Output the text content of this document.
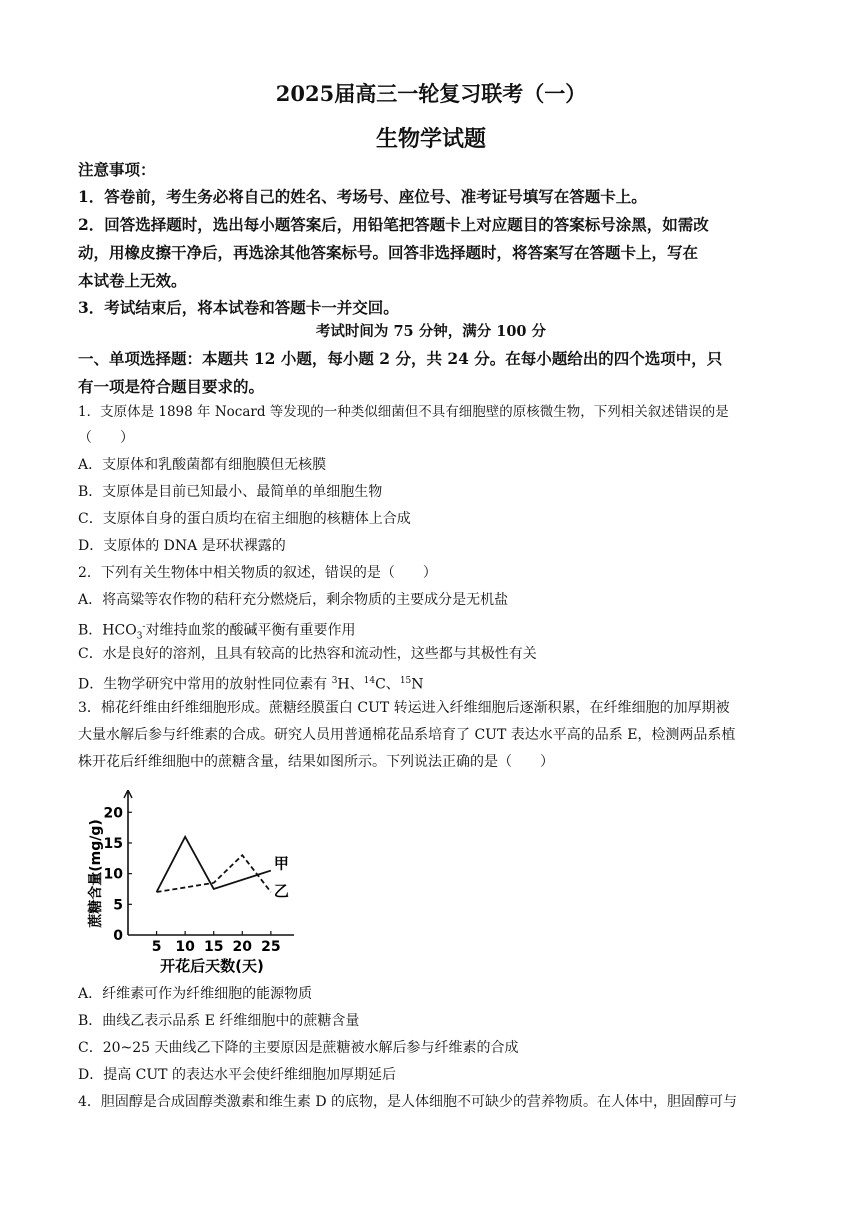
2025届高三一轮复习联考（一）
生物学试题
注意事项：
1．答卷前，考生务必将自己的姓名、考场号、座位号、准考证号填写在答题卡上。
2．回答选择题时，选出每小题答案后，用铅笔把答题卡上对应题目的答案标号涂黑，如需改
动，用橡皮擦干净后，再选涂其他答案标号。回答非选择题时，将答案写在答题卡上，写在
本试卷上无效。
3．考试结束后，将本试卷和答题卡一并交回。
考试时间为 75 分钟，满分 100 分
一、单项选择题：本题共 12 小题，每小题 2 分，共 24 分。在每小题给出的四个选项中，只
有一项是符合题目要求的。
1．支原体是 1898 年 Nocard 等发现的一种类似细菌但不具有细胞壁的原核微生物，下列相关叙述错误的是
（　　）
A．支原体和乳酸菌都有细胞膜但无核膜
B．支原体是目前已知最小、最简单的单细胞生物
C．支原体自身的蛋白质均在宿主细胞的核糖体上合成
D．支原体的 DNA 是环状裸露的
2．下列有关生物体中相关物质的叙述，错误的是（　　）
A．将高粱等农作物的秸秆充分燃烧后，剩余物质的主要成分是无机盐
B．$HCO_3^-$对维持血浆的酸碱平衡有重要作用
C．水是良好的溶剂，且具有较高的比热容和流动性，这些都与其极性有关
D．生物学研究中常用的放射性同位素有 $^3$H、$^{14}$C、$^{15}$N
3．棉花纤维由纤维细胞形成。蔗糖经膜蛋白 CUT 转运进入纤维细胞后逐渐积累，在纤维细胞的加厚期被
大量水解后参与纤维素的合成。研究人员用普通棉花品系培育了 CUT 表达水平高的品系 E，检测两品系植
株开花后纤维细胞中的蔗糖含量，结果如图所示。下列说法正确的是（　　）
0
5
10
15
20
5 10 15 20 25
开花后天数(天)
蔗糖含量(mg/g)	甲
乙
A．纤维素可作为纤维细胞的能源物质
B．曲线乙表示品系 E 纤维细胞中的蔗糖含量
C．20~25 天曲线乙下降的主要原因是蔗糖被水解后参与纤维素的合成
D．提高 CUT 的表达水平会使纤维细胞加厚期延后
4．胆固醇是合成固醇类激素和维生素 D 的底物，是人体细胞不可缺少的营养物质。在人体中，胆固醇可与
